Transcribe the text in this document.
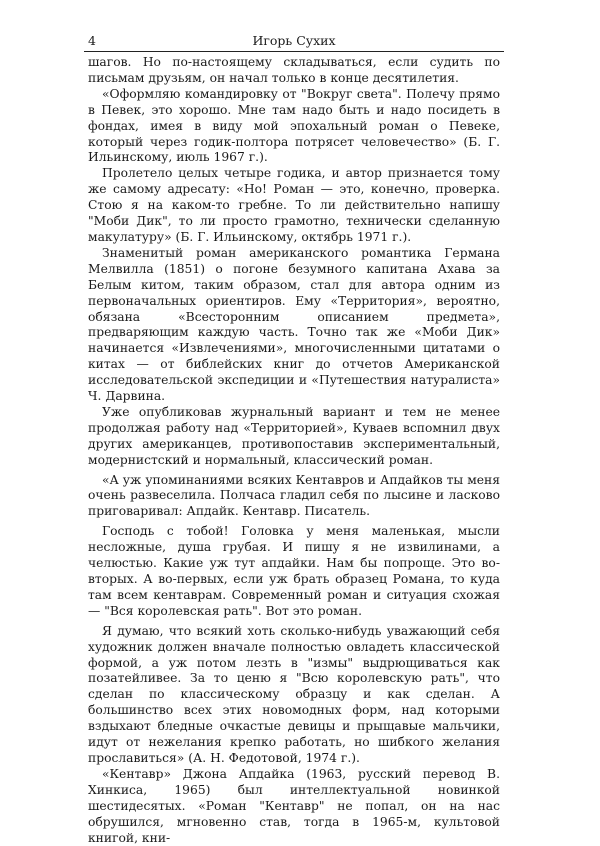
4	Игорь Сухих

шагов. Но по-настоящему складываться, если судить по письмам друзьям, он начал только в конце десятилетия.

«Оформляю командировку от "Вокруг света". Полечу прямо в Певек, это хорошо. Мне там надо быть и надо посидеть в фондах, имея в виду мой эпохальный роман о Певеке, который через годик-полтора потрясет человечество» (Б. Г. Ильинскому, июль 1967 г.).

Пролетело целых четыре годика, и автор признается тому же самому адресату: «Но! Роман — это, конечно, проверка. Стою я на каком-то гребне. То ли действительно напишу "Моби Дик", то ли просто грамотно, технически сделанную макулатуру» (Б. Г. Ильинскому, октябрь 1971 г.).

Знаменитый роман американского романтика Германа Мелвилла (1851) о погоне безумного капитана Ахава за Белым китом, таким образом, стал для автора одним из первоначальных ориентиров. Ему «Территория», вероятно, обязана «Всесторонним описанием предмета», предваряющим каждую часть. Точно так же «Моби Дик» начинается «Извлечениями», многочисленными цитатами о китах — от библейских книг до отчетов Американской исследовательской экспедиции и «Путешествия натуралиста» Ч. Дарвина.

Уже опубликовав журнальный вариант и тем не менее продолжая работу над «Территорией», Куваев вспомнил двух других американцев, противопоставив экспериментальный, модернистский и нормальный, классический роман.

«А уж упоминаниями всяких Кентавров и Апдайков ты меня очень развеселила. Полчаса гладил себя по лысине и ласково приговаривал: Апдайк. Кентавр. Писатель.

Господь с тобой! Головка у меня маленькая, мысли несложные, душа грубая. И пишу я не извилинами, а челюстью. Какие уж тут апдайки. Нам бы попроще. Это во-вторых. А во-первых, если уж брать образец Романа, то куда там всем кентаврам. Современный роман и ситуация схожая — "Вся королевская рать". Вот это роман.

Я думаю, что всякий хоть сколько-нибудь уважающий себя художник должен вначале полностью овладеть классической формой, а уж потом лезть в "измы" выдрющиваться как позатейливее. За то ценю я "Всю королевскую рать", что сделан по классическому образцу и как сделан. А большинство всех этих новомодных форм, над которыми вздыхают бледные очкастые девицы и прыщавые мальчики, идут от нежелания крепко работать, но шибкого желания прославиться» (А. Н. Федотовой, 1974 г.).

«Кентавр» Джона Апдайка (1963, русский перевод В. Хинкиса, 1965) был интеллектуальной новинкой шестидесятых. «Роман "Кентавр" не попал, он на нас обрушился, мгновенно став, тогда в 1965-м, культовой книгой, кни-
